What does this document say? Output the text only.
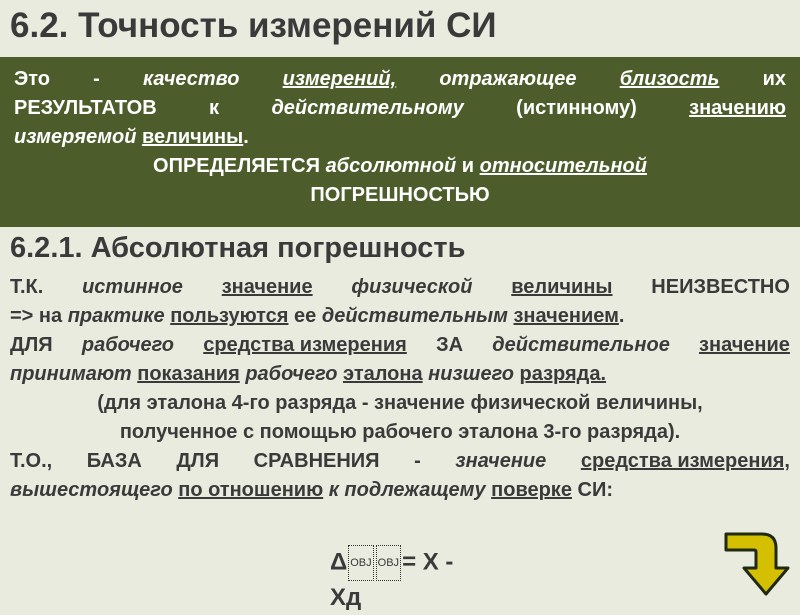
6.2. Точность измерений СИ
Это - качество измерений, отражающее близость их
РЕЗУЛЬТАТОВ	к	действительному	(истинному)	значению
измеряемой величины.
ОПРЕДЕЛЯЕТСЯ абсолютной и относительной
ПОГРЕШНОСТЬЮ
6.2.1. Абсолютная погрешность
Т.К. истинное значение физической величины НЕИЗВЕСТНО
=> на практике
пользуются ее действительным
значением .
ДЛЯ рабочего средства измерения ЗА действительное значение
принимают показания
рабочего
эталона
низшего
разряда.
(для эталона 4-го разряда - значение физической величины,
полученное с помощью рабочего эталона 3-го разряда).
Т.О., БАЗА ДЛЯ СРАВНЕНИЯ - значение средства измерения,
вышестоящего
по отношению к подлежащему
поверке СИ:
Δ OBJ OBJ = X -
Xд
